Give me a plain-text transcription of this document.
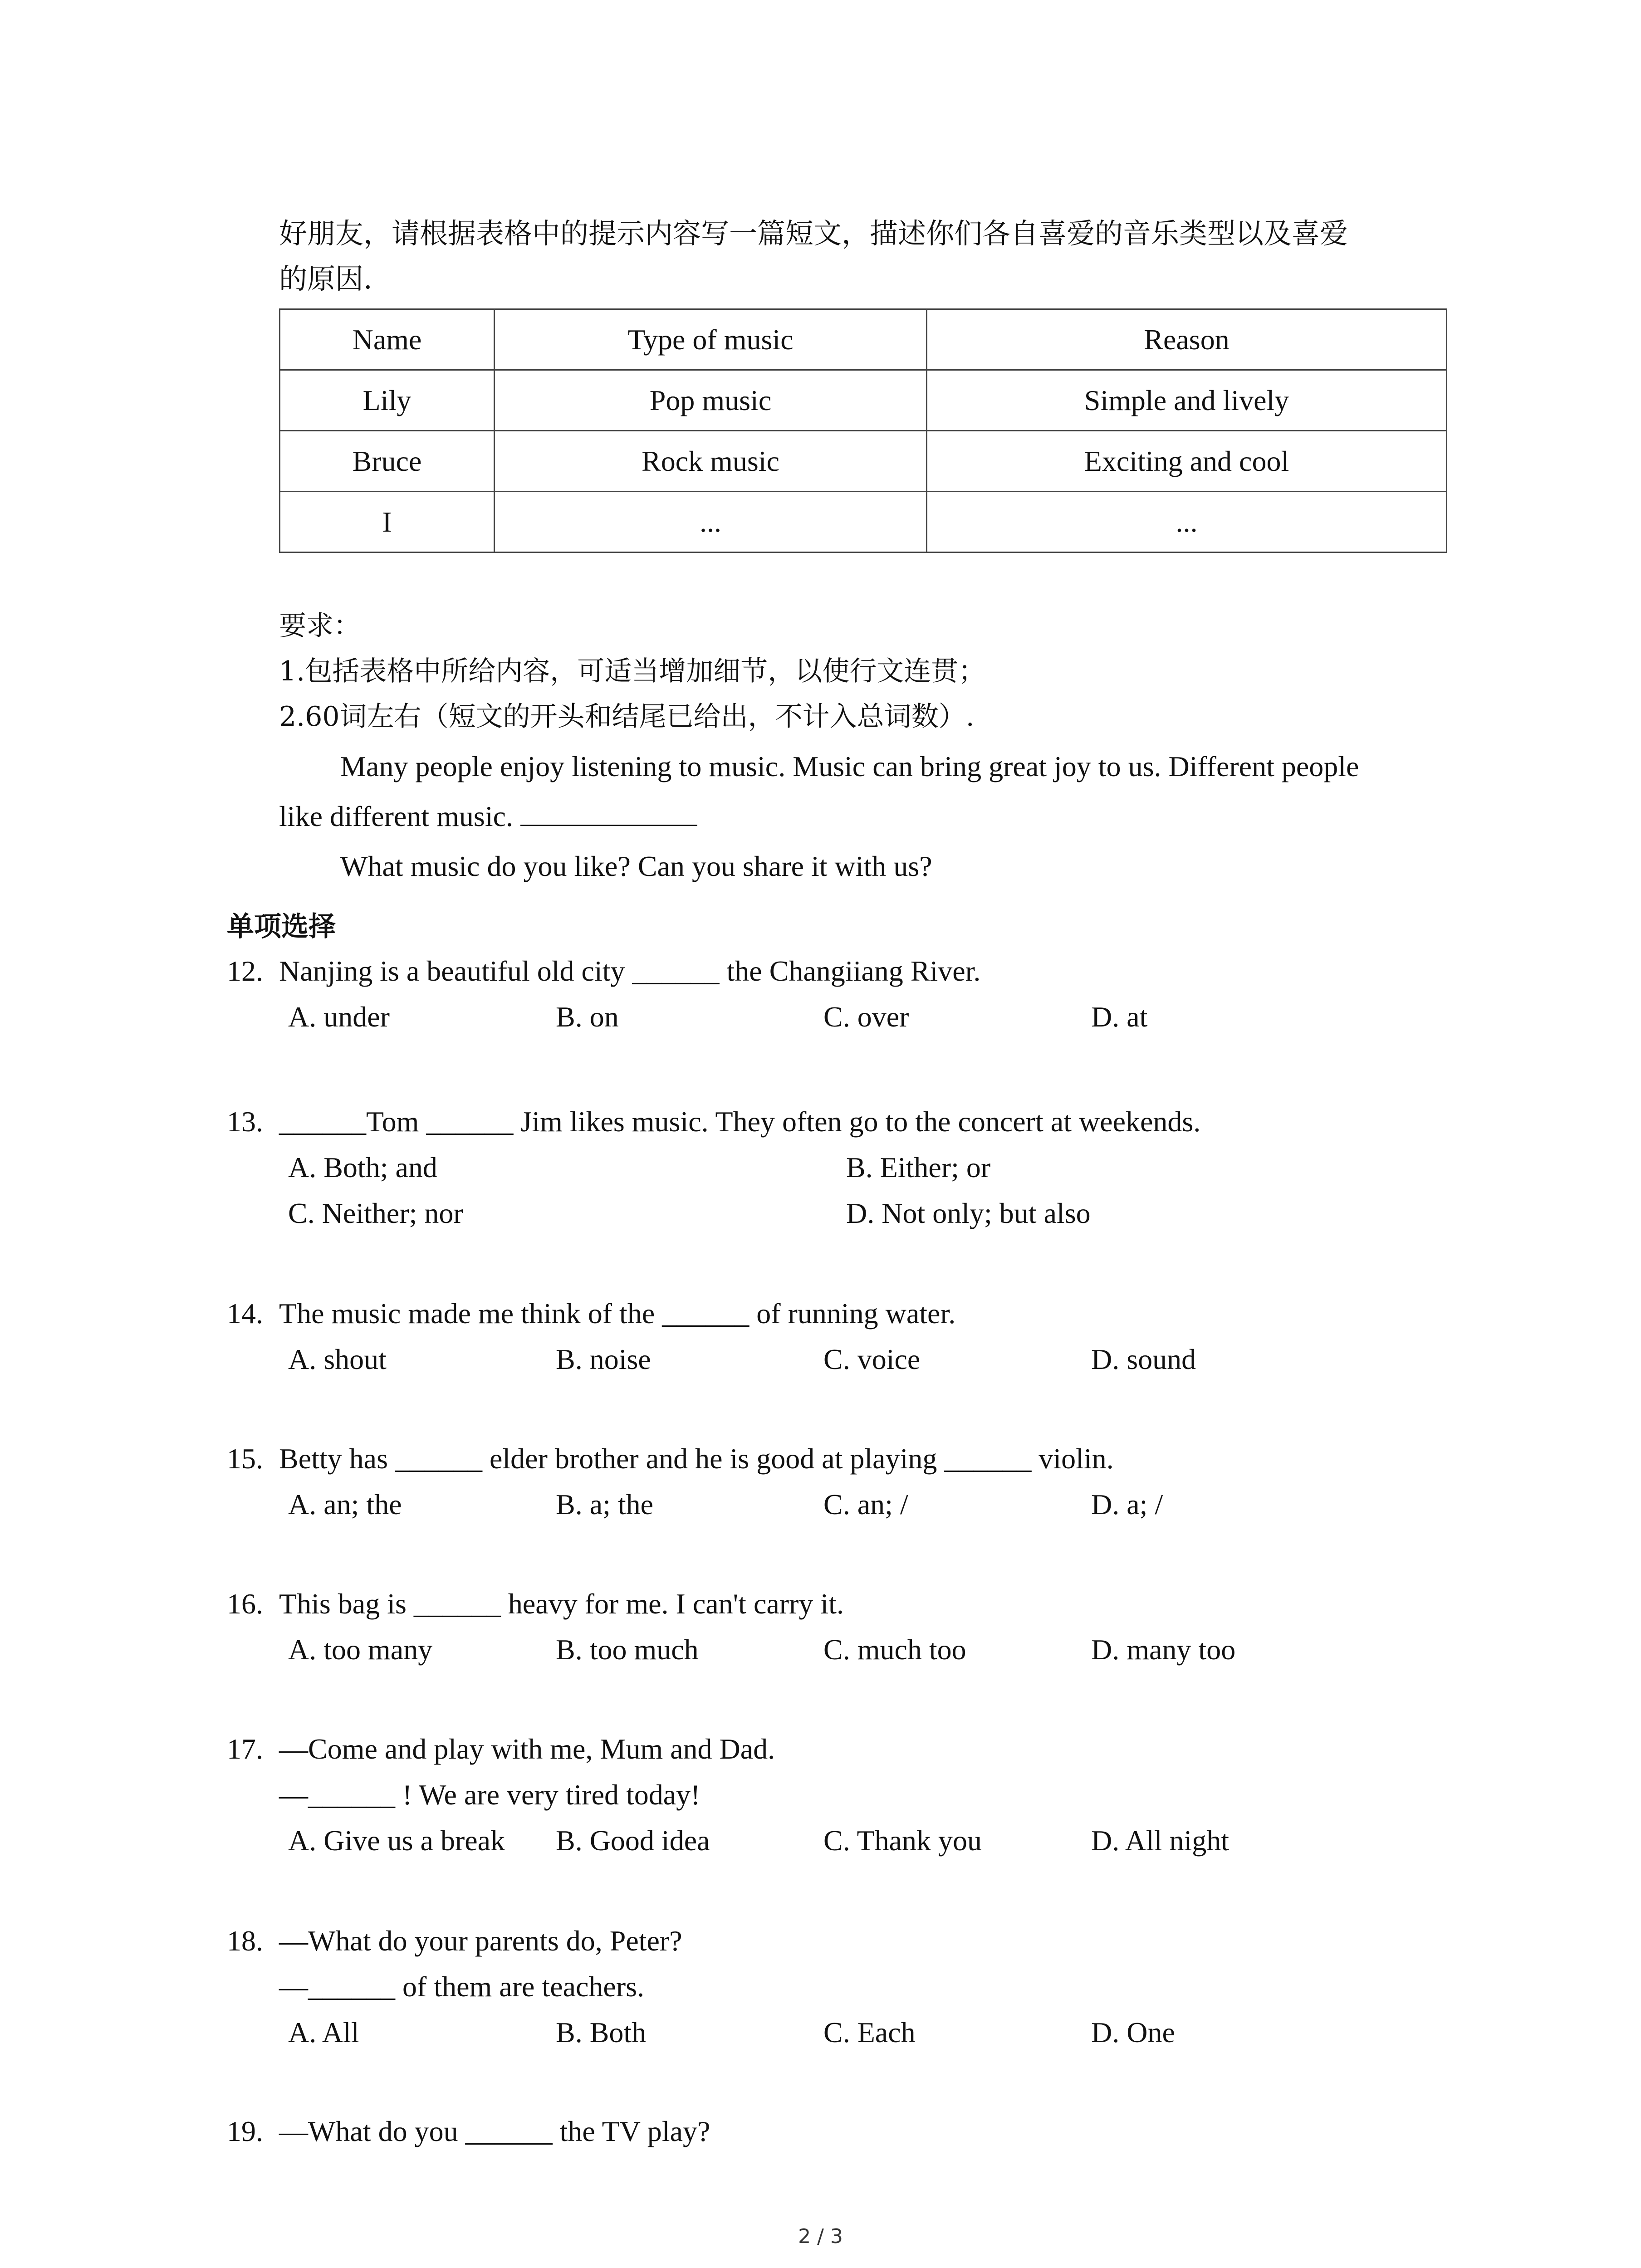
好朋友，请根据表格中的提示内容写一篇短文，描述你们各自喜爱的音乐类型以及喜爱
的原因.
Name	Type of music	Reason
Lily	Pop music	Simple and lively
Bruce	Rock music	Exciting and cool
I	...	...
要求：
1.包括表格中所给内容，可适当增加细节，以使行文连贯；
2.60词左右（短文的开头和结尾已给出，不计入总词数）.
Many people enjoy listening to music. Music can bring great joy to us. Different people
like different music.
What music do you like? Can you share it with us?
单项选择
12. Nanjing is a beautiful old city ______ the Changiiang River.
A. under	B. on	C. over	D. at
13. ______Tom ______ Jim likes music. They often go to the concert at weekends.
A. Both; and	B. Either; or
C. Neither; nor	D. Not only; but also
14. The music made me think of the ______ of running water.
A. shout	B. noise	C. voice	D. sound
15. Betty has ______ elder brother and he is good at playing ______ violin.
A. an; the	B. a; the	C. an; /	D. a; /
16. This bag is ______ heavy for me. I can't carry it.
A. too many	B. too much	C. much too	D. many too
17. —Come and play with me, Mum and Dad.
—______ ! We are very tired today!
A. Give us a break B. Good idea	C. Thank you	D. All night
18. —What do your parents do, Peter?
—______ of them are teachers.
A. All	B. Both	C. Each	D. One
19. —What do you ______ the TV play?
2 / 3
